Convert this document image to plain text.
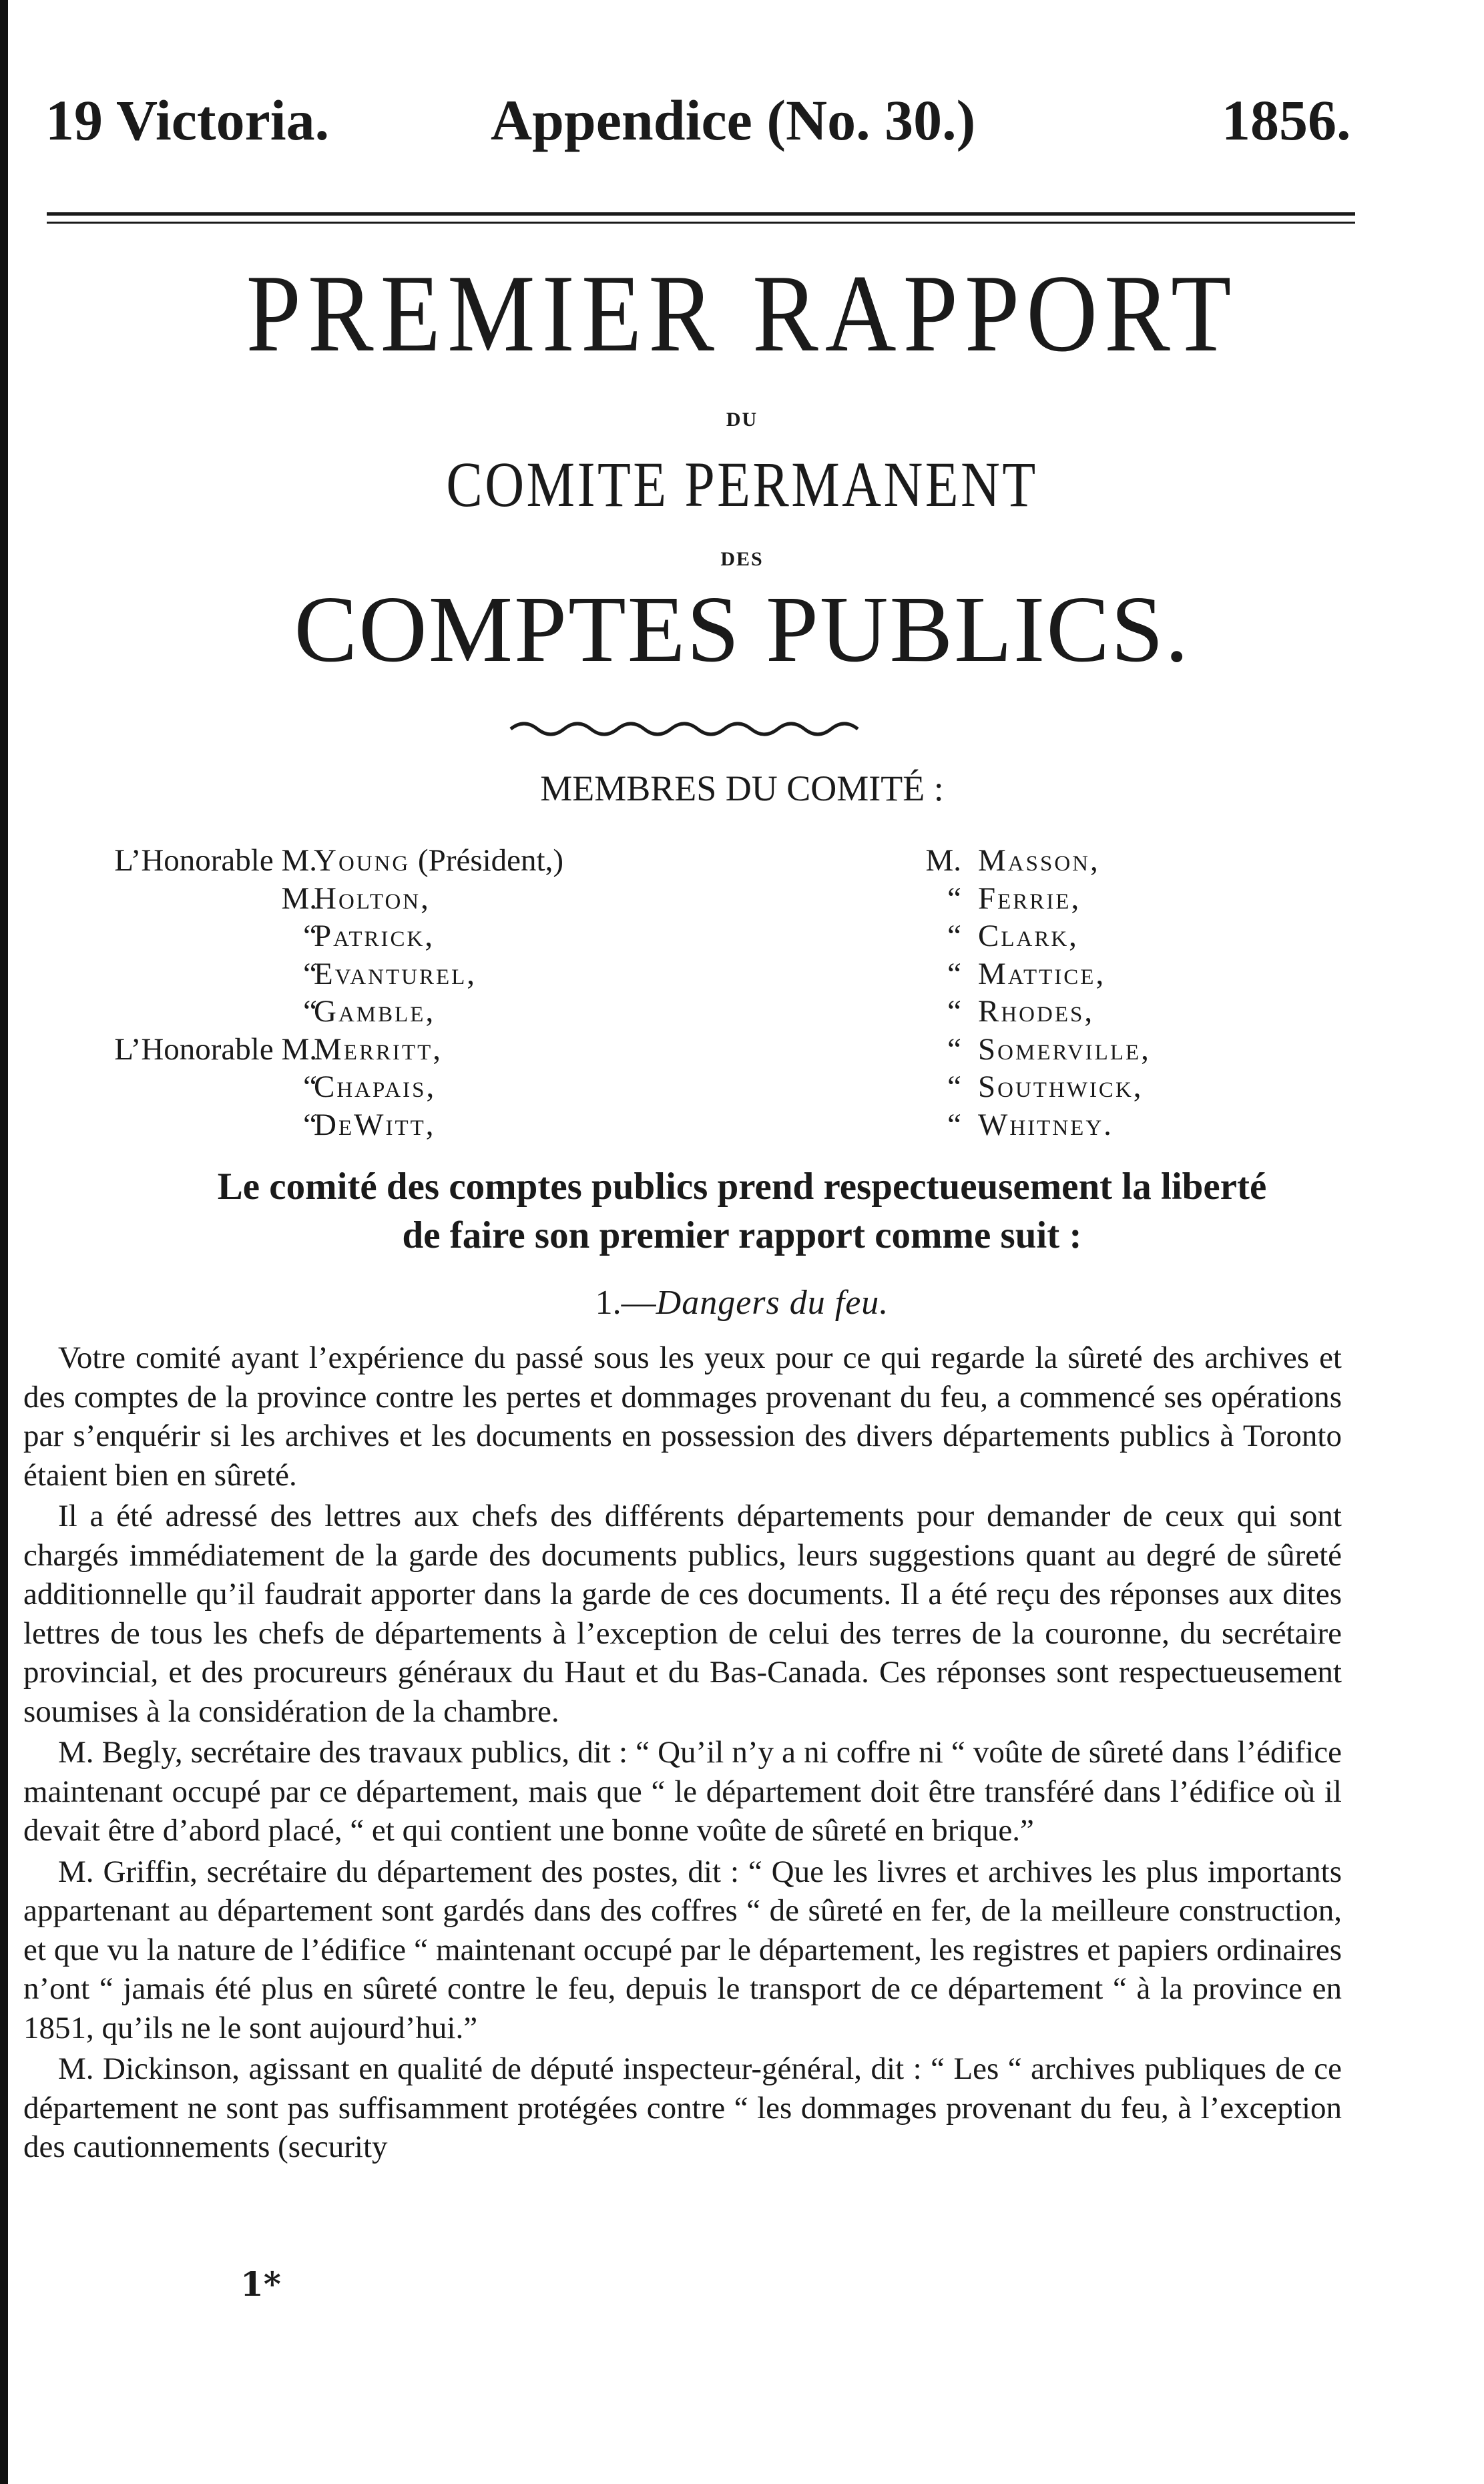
19 Victoria.	Appendice (No. 30.)	1856.
PREMIER RAPPORT
DU
COMITE PERMANENT
DES
COMPTES PUBLICS.
MEMBRES DU COMITÉ :
L’Honorable M.
Young (Président,)
M.
Holton,
“
Patrick,
“
Evanturel,
“
Gamble,
L’Honorable M.
Merritt,
“
Chapais,
“
DeWitt,
M. Masson,
“ Ferrie,
“ Clark,
“ Mattice,
“ Rhodes,
“ Somerville,
“ Southwick,
“ Whitney.
Le comité des comptes publics prend respectueusement la liberté
de faire son premier rapport comme suit :
1.—Dangers du feu.

Votre comité ayant l’expérience du passé sous les yeux pour ce qui regarde la sûreté des archives et des comptes de la province contre les pertes et dommages provenant du feu, a commencé ses opérations par s’enquérir si les archives et les documents en possession des divers départements publics à Toronto étaient bien en sûreté.

Il a été adressé des lettres aux chefs des différents départements pour demander de ceux qui sont chargés immédiatement de la garde des documents publics, leurs suggestions quant au degré de sûreté additionnelle qu’il faudrait apporter dans la garde de ces documents. Il a été reçu des réponses aux dites lettres de tous les chefs de départements à l’exception de celui des terres de la couronne, du secrétaire provincial, et des procureurs généraux du Haut et du Bas-Canada. Ces réponses sont respectueusement soumises à la considération de la chambre.

M. Begly, secrétaire des travaux publics, dit : “ Qu’il n’y a ni coffre ni “ voûte de sûreté dans l’édifice maintenant occupé par ce département, mais que “ le département doit être transféré dans l’édifice où il devait être d’abord placé, “ et qui contient une bonne voûte de sûreté en brique.”

M. Griffin, secrétaire du département des postes, dit : “ Que les livres et archives les plus importants appartenant au département sont gardés dans des coffres “ de sûreté en fer, de la meilleure construction, et que vu la nature de l’édifice “ maintenant occupé par le département, les registres et papiers ordinaires n’ont “ jamais été plus en sûreté contre le feu, depuis le transport de ce département “ à la province en 1851, qu’ils ne le sont aujourd’hui.”

M. Dickinson, agissant en qualité de député inspecteur-général, dit : “ Les “ archives publiques de ce département ne sont pas suffisamment protégées contre “ les dommages provenant du feu, à l’exception des cautionnements (security

1*
